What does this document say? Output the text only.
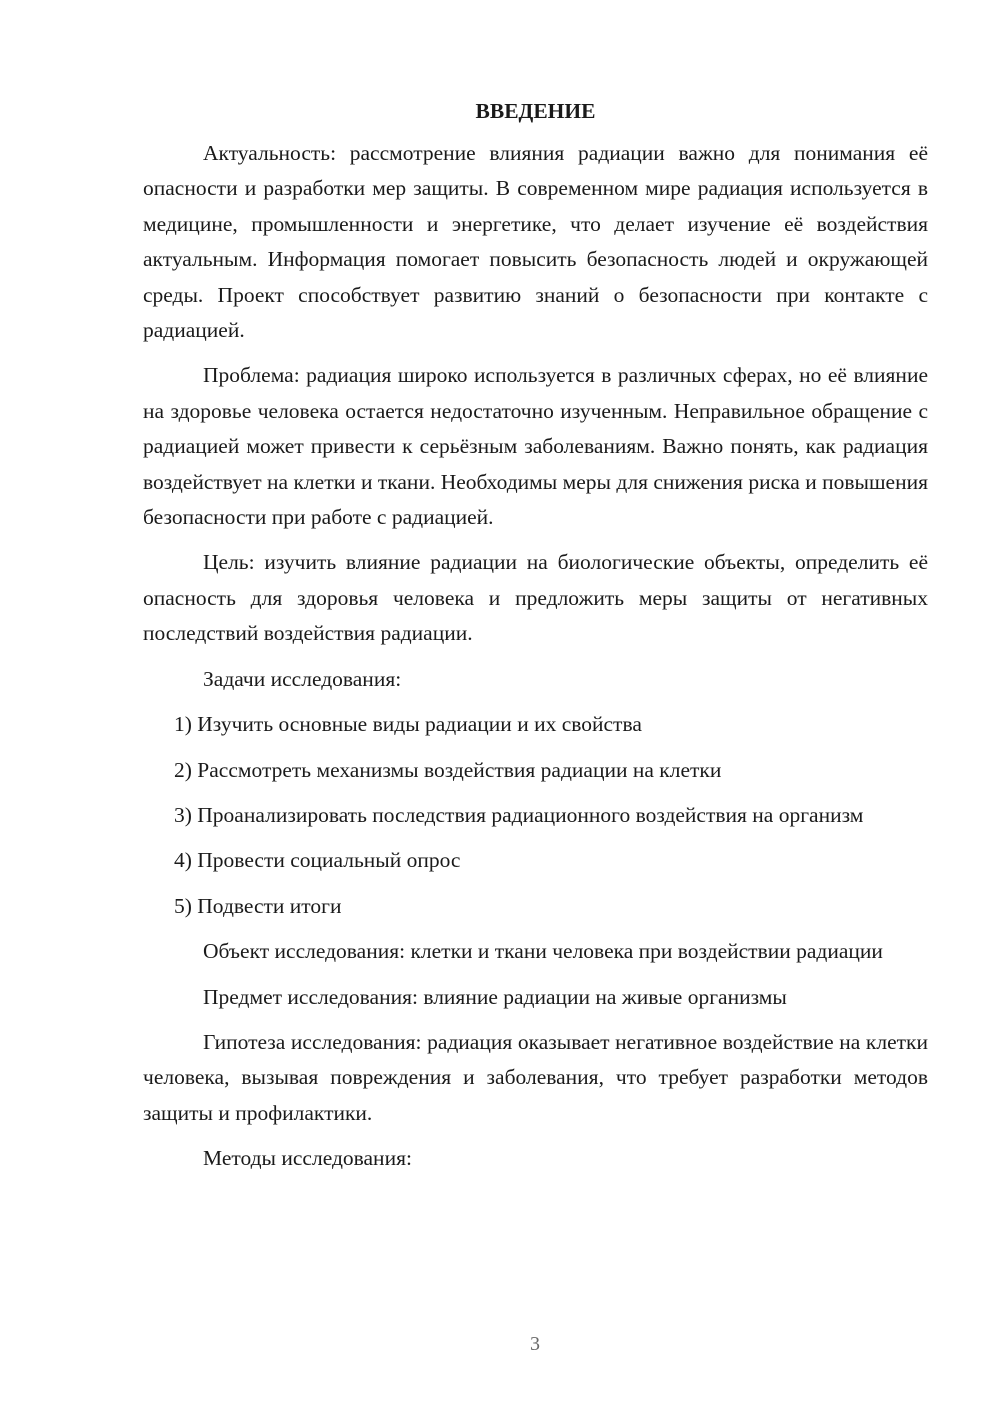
ВВЕДЕНИЕ

Актуальность: рассмотрение влияния радиации важно для понимания её опасности и разработки мер защиты. В современном мире радиация используется в медицине, промышленности и энергетике, что делает изучение её воздействия актуальным. Информация помогает повысить безопасность людей и окружающей среды. Проект способствует развитию знаний о безопасности при контакте с радиацией.

Проблема: радиация широко используется в различных сферах, но её влияние на здоровье человека остается недостаточно изученным. Неправильное обращение с радиацией может привести к серьёзным заболеваниям. Важно понять, как радиация воздействует на клетки и ткани. Необходимы меры для снижения риска и повышения безопасности при работе с радиацией.

Цель: изучить влияние радиации на биологические объекты, определить её опасность для здоровья человека и предложить меры защиты от негативных последствий воздействия радиации.

Задачи исследования:

1) Изучить основные виды радиации и их свойства

2) Рассмотреть механизмы воздействия радиации на клетки

3) Проанализировать последствия радиационного воздействия на организм

4) Провести социальный опрос

5) Подвести итоги

Объект исследования: клетки и ткани человека при воздействии радиации

Предмет исследования: влияние радиации на живые организмы

Гипотеза исследования: радиация оказывает негативное воздействие на клетки человека, вызывая повреждения и заболевания, что требует разработки методов защиты и профилактики.

Методы исследования:

3
